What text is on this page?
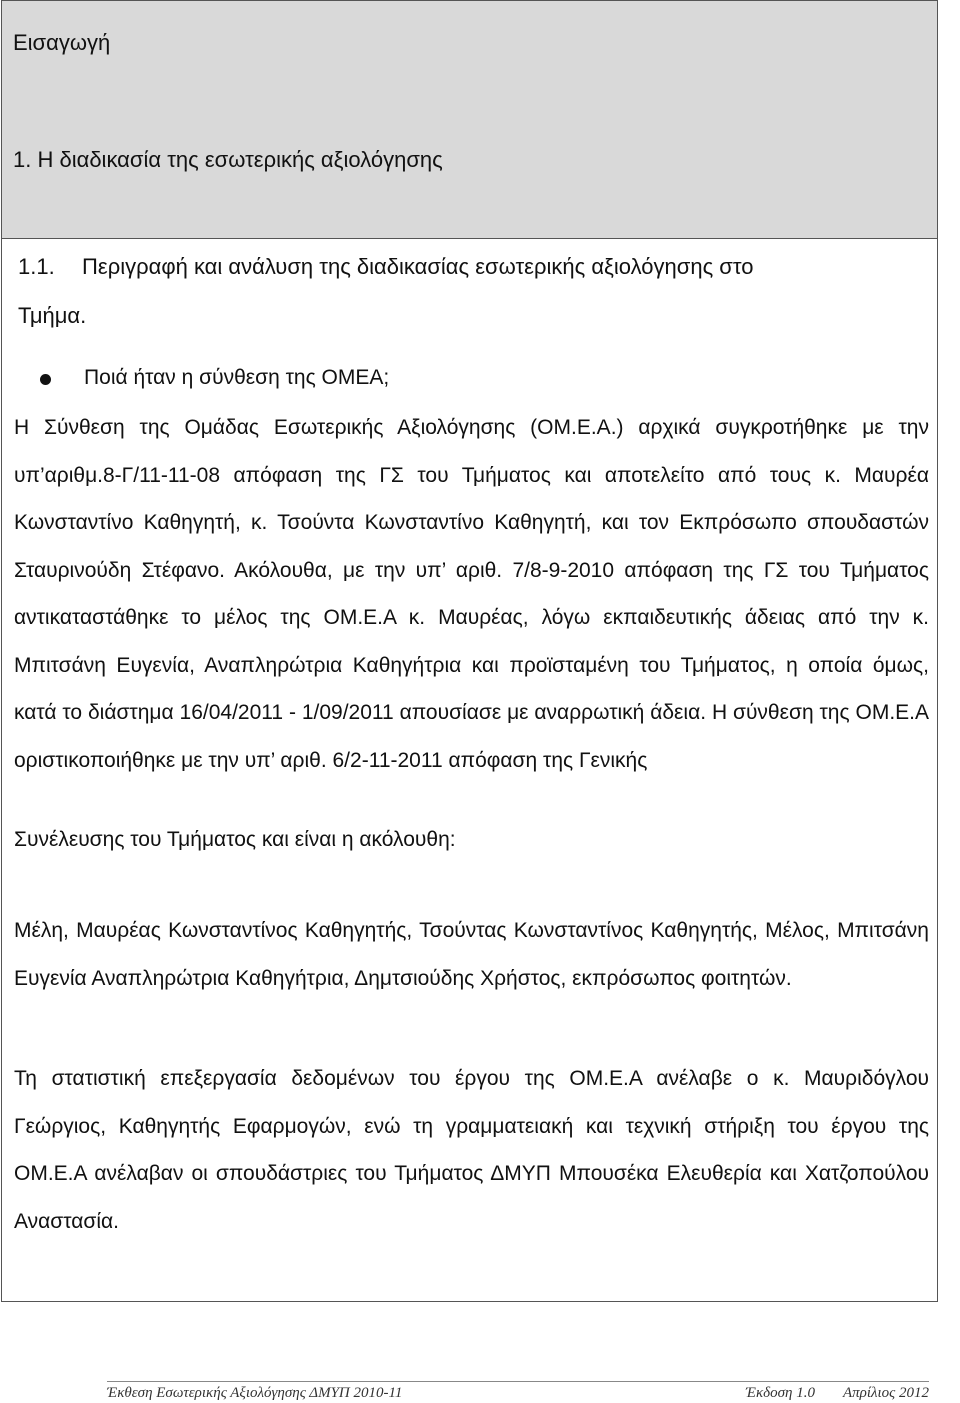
Εισαγωγή
1. Η διαδικασία της εσωτερικής αξιολόγησης
1.1. Περιγραφή και ανάλυση της διαδικασίας εσωτερικής αξιολόγησης στο
Τμήμα.
Ποιά ήταν η σύνθεση της ΟΜΕΑ;
Η Σύνθεση της Ομάδας Εσωτερικής Αξιολόγησης (ΟΜ.Ε.Α.) αρχικά συγκροτήθηκε με την υπ’αριθμ.8-Γ/11-11-08 απόφαση της ΓΣ του Τμήματος και αποτελείτο από τους κ. Μαυρέα Κωνσταντίνο Καθηγητή, κ. Τσούντα Κωνσταντίνο Καθηγητή, και τον Εκπρόσωπο σπουδαστών Σταυρινούδη Στέφανο. Ακόλουθα, με την υπ’ αριθ. 7/8-9-2010 απόφαση της ΓΣ του Τμήματος αντικαταστάθηκε το μέλος της ΟΜ.Ε.Α κ. Μαυρέας, λόγω εκπαιδευτικής άδειας από την κ. Μπιτσάνη Ευγενία, Αναπληρώτρια Καθηγήτρια και προϊσταμένη του Τμήματος, η οποία όμως, κατά το διάστημα 16/04/2011 - 1/09/2011 απουσίασε με αναρρωτική άδεια. Η σύνθεση της ΟΜ.Ε.Α οριστικοποιήθηκε με την υπ’ αριθ. 6/2-11-2011 απόφαση της Γενικής
Συνέλευσης του Τμήματος και είναι η ακόλουθη:
Μέλη, Μαυρέας Κωνσταντίνος Καθηγητής, Τσούντας Κωνσταντίνος Καθηγητής, Μέλος, Μπιτσάνη Ευγενία Αναπληρώτρια Καθηγήτρια, Δημτσιούδης Χρήστος, εκπρόσωπος φοιτητών.
Τη στατιστική επεξεργασία δεδομένων του έργου της ΟΜ.Ε.Α ανέλαβε ο κ. Μαυριδόγλου Γεώργιος, Καθηγητής Εφαρμογών, ενώ τη γραμματειακή και τεχνική στήριξη του έργου της ΟΜ.Ε.Α ανέλαβαν οι σπουδάστριες του Τμήματος ΔΜΥΠ Μπουσέκα Ελευθερία και Χατζοπούλου Αναστασία.
Έκθεση Εσωτερικής Αξιολόγησης ΔΜΥΠ 2010-11	Έκδοση 1.0 Απρίλιος 2012
